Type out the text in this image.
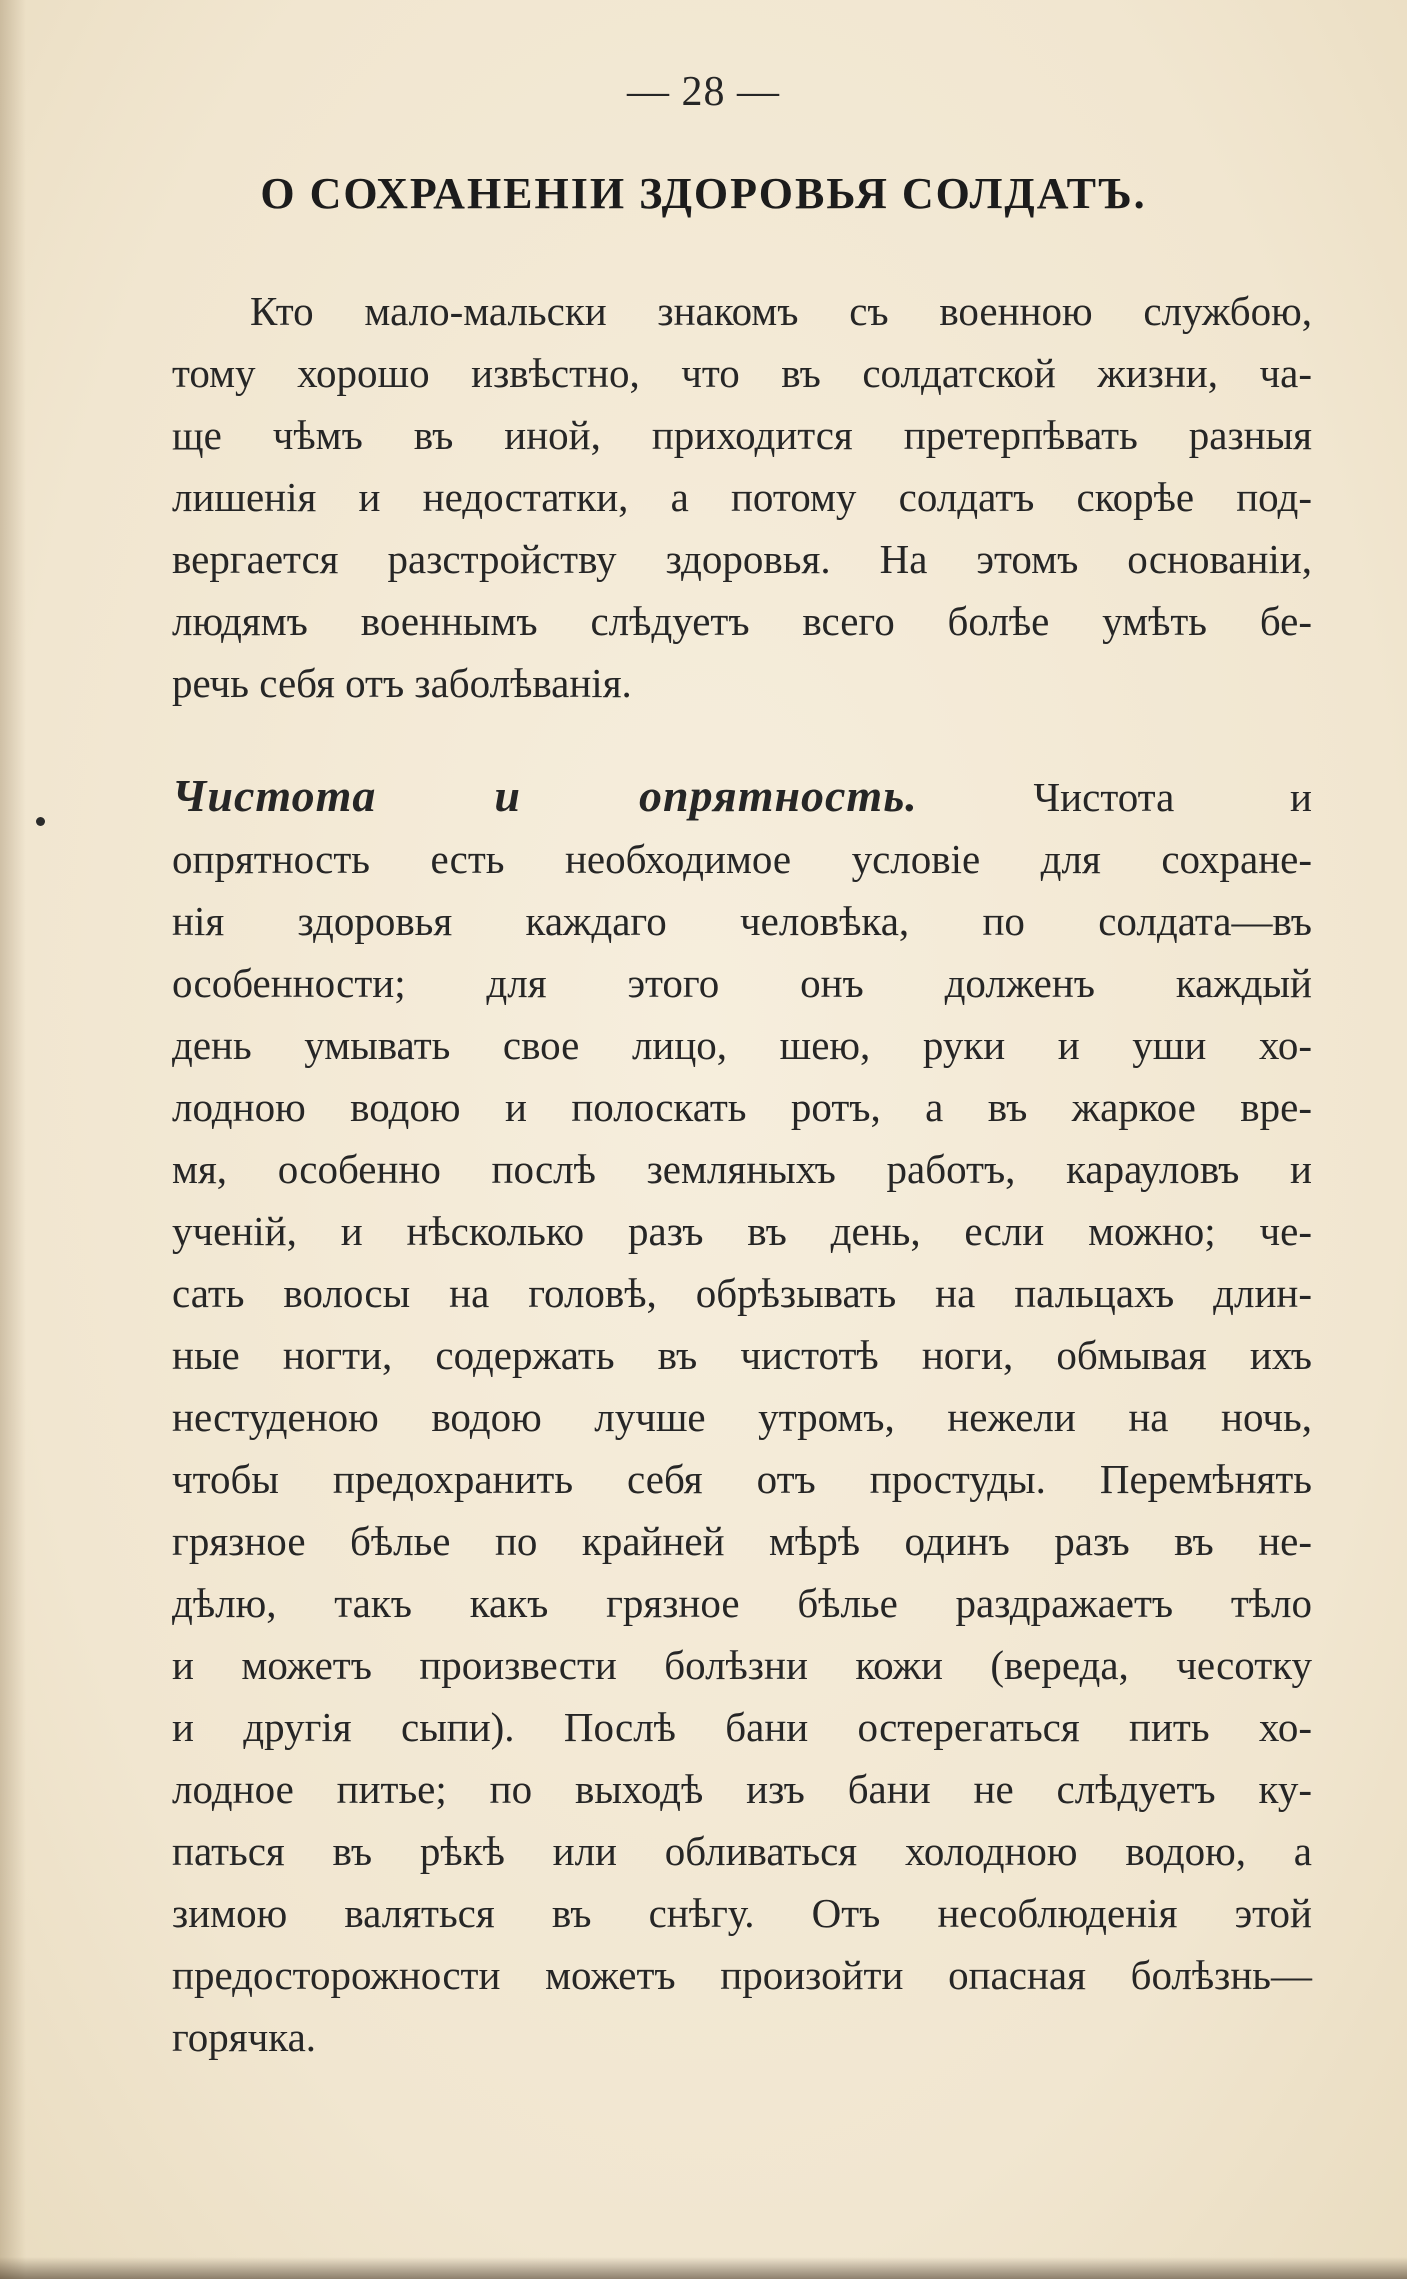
— 28 —
О СОХРАНЕНІИ ЗДОРОВЬЯ СОЛДАТЪ.
Кто мало-мальски знакомъ съ военною службою,
тому хорошо извѣстно, что въ солдатской жизни, ча-
ще чѣмъ въ иной, приходится претерпѣвать разныя
лишенія и недостатки, а потому солдатъ скорѣе под-
вергается разстройству здоровья. На этомъ основаніи,
людямъ военнымъ слѣдуетъ всего болѣе умѣть бе-
речь себя отъ заболѣванія.
Чистота и опрятность.	Чистота и
опрятность есть необходимое условіе для сохране-
нія здоровья каждаго человѣка, по солдата—въ
особенности; для этого онъ долженъ каждый
день умывать свое лицо, шею, руки и уши хо-
лодною водою и полоскать ротъ, а въ жаркое вре-
мя, особенно послѣ земляныхъ работъ, карауловъ и
ученій, и нѣсколько разъ въ день, если можно; че-
сать волосы на головѣ, обрѣзывать на пальцахъ длин-
ные ногти, содержать въ чистотѣ ноги, обмывая ихъ
нестуденою водою лучше утромъ, нежели на ночь,
чтобы предохранить себя отъ простуды. Перемѣнять
грязное бѣлье по крайней мѣрѣ одинъ разъ въ не-
дѣлю, такъ какъ грязное бѣлье раздражаетъ тѣло
и можетъ произвести болѣзни кожи (вереда, чесотку
и другія сыпи). Послѣ бани остерегаться пить хо-
лодное питье; по выходѣ изъ бани не слѣдуетъ ку-
паться въ рѣкѣ или обливаться холодною водою, а
зимою валяться въ снѣгу. Отъ несоблюденія этой
предосторожности можетъ произойти опасная болѣзнь—
горячка.
